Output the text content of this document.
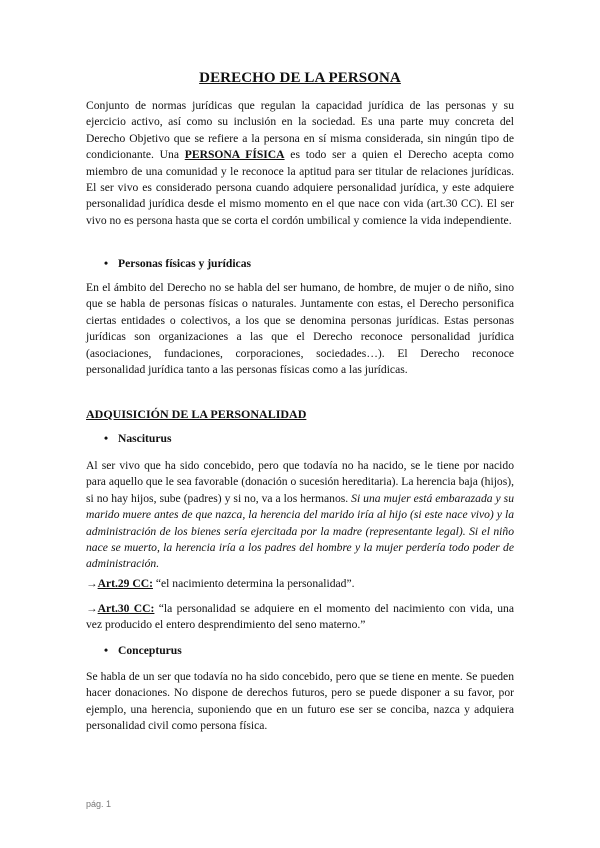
DERECHO DE LA PERSONA

Conjunto de normas jurídicas que regulan la capacidad jurídica de las personas y su ejercicio activo, así como su inclusión en la sociedad. Es una parte muy concreta del Derecho Objetivo que se refiere a la persona en sí misma considerada, sin ningún tipo de condicionante. Una PERSONA FÍSICA es todo ser a quien el Derecho acepta como miembro de una comunidad y le reconoce la aptitud para ser titular de relaciones jurídicas. El ser vivo es considerado persona cuando adquiere personalidad jurídica, y este adquiere personalidad jurídica desde el mismo momento en el que nace con vida (art.30 CC). El ser vivo no es persona hasta que se corta el cordón umbilical y comience la vida independiente.

• Personas físicas y jurídicas

En el ámbito del Derecho no se habla del ser humano, de hombre, de mujer o de niño, sino que se habla de personas físicas o naturales. Juntamente con estas, el Derecho personifica ciertas entidades o colectivos, a los que se denomina personas jurídicas. Estas personas jurídicas son organizaciones a las que el Derecho reconoce personalidad jurídica (asociaciones, fundaciones, corporaciones, sociedades…). El Derecho reconoce personalidad jurídica tanto a las personas físicas como a las jurídicas.

ADQUISICIÓN DE LA PERSONALIDAD
• Nasciturus

Al ser vivo que ha sido concebido, pero que todavía no ha nacido, se le tiene por nacido para aquello que le sea favorable (donación o sucesión hereditaria). La herencia baja (hijos), si no hay hijos, sube (padres) y si no, va a los hermanos. Si una mujer está embarazada y su marido muere antes de que nazca, la herencia del marido iría al hijo (si este nace vivo) y la administración de los bienes sería ejercitada por la madre (representante legal). Si el niño nace se muerto, la herencia iría a los padres del hombre y la mujer perdería todo poder de administración.

→Art.29 CC: “el nacimiento determina la personalidad”.

→Art.30 CC: “la personalidad se adquiere en el momento del nacimiento con vida, una vez producido el entero desprendimiento del seno materno.”

• Concepturus

Se habla de un ser que todavía no ha sido concebido, pero que se tiene en mente. Se pueden hacer donaciones. No dispone de derechos futuros, pero se puede disponer a su favor, por ejemplo, una herencia, suponiendo que en un futuro ese ser se conciba, nazca y adquiera personalidad civil como persona física.

pág. 1
